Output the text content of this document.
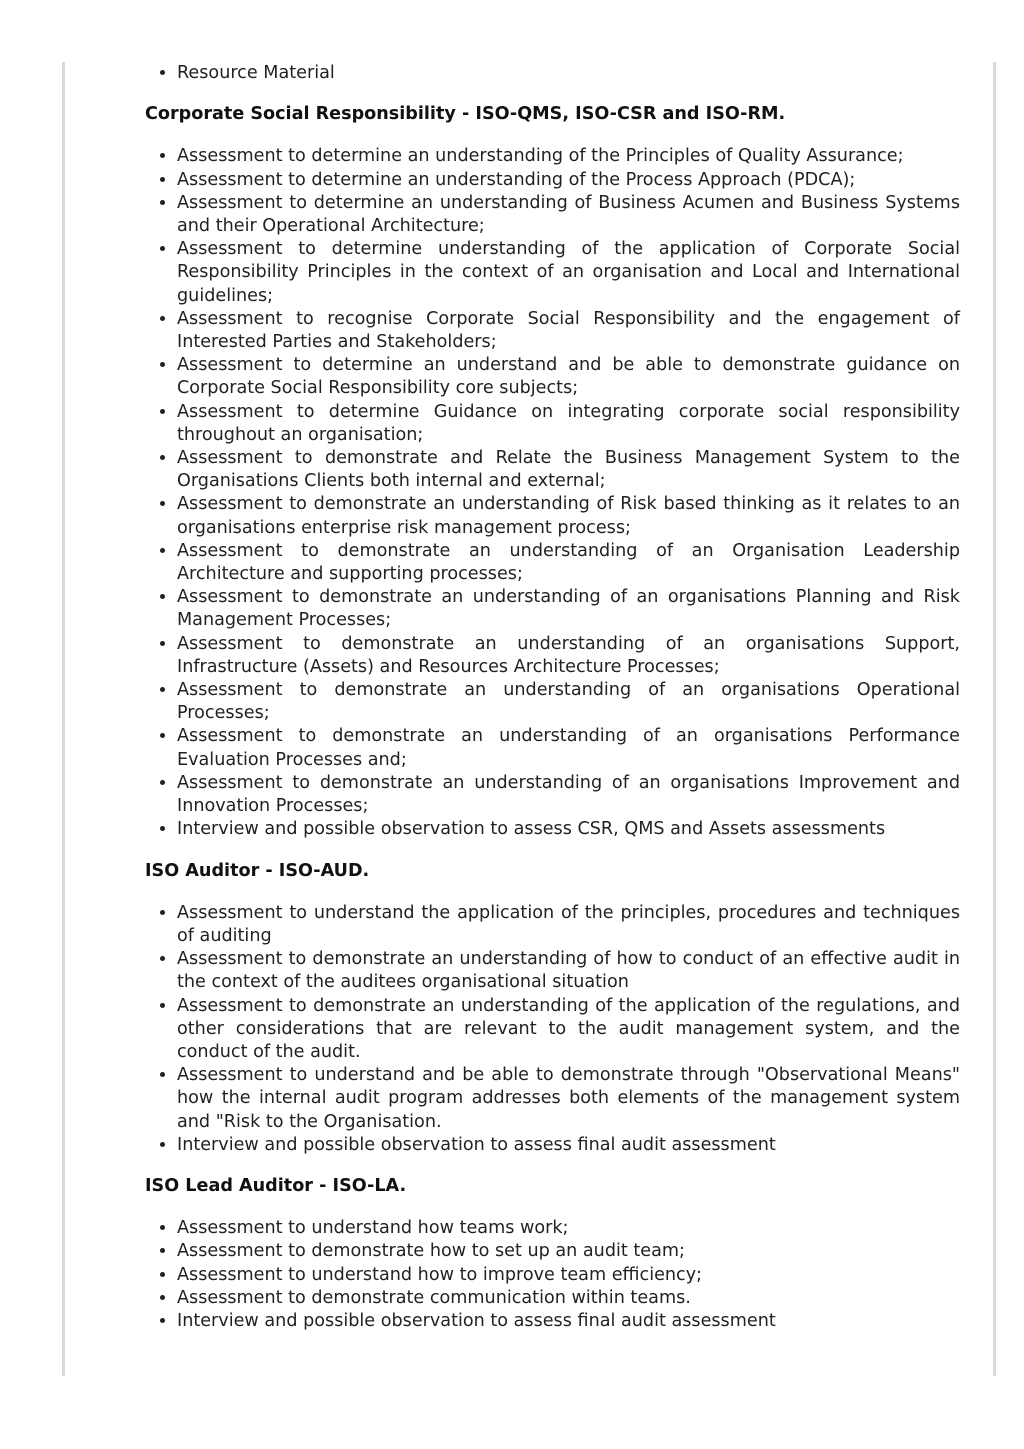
• Resource Material
Corporate Social Responsibility - ISO-QMS, ISO-CSR and ISO-RM.
• Assessment to determine an understanding of the Principles of Quality Assurance;
• Assessment to determine an understanding of the Process Approach (PDCA);
• Assessment to determine an understanding of Business Acumen and Business Systems and their Operational Architecture;
• Assessment to determine understanding of the application of Corporate Social Responsibility Principles in the context of an organisation and Local and International guidelines;
• Assessment to recognise Corporate Social Responsibility and the engagement of Interested Parties and Stakeholders;
• Assessment to determine an understand and be able to demonstrate guidance on Corporate Social Responsibility core subjects;
• Assessment to determine Guidance on integrating corporate social responsibility throughout an organisation;
• Assessment to demonstrate and Relate the Business Management System to the Organisations Clients both internal and external;
• Assessment to demonstrate an understanding of Risk based thinking as it relates to an organisations enterprise risk management process;
• Assessment to demonstrate an understanding of an Organisation Leadership Architecture and supporting processes;
• Assessment to demonstrate an understanding of an organisations Planning and Risk Management Processes;
• Assessment to demonstrate an understanding of an organisations Support, Infrastructure (Assets) and Resources Architecture Processes;
• Assessment to demonstrate an understanding of an organisations Operational Processes;
• Assessment to demonstrate an understanding of an organisations Performance Evaluation Processes and;
• Assessment to demonstrate an understanding of an organisations Improvement and Innovation Processes;
• Interview and possible observation to assess CSR, QMS and Assets assessments
ISO Auditor - ISO-AUD.
• Assessment to understand the application of the principles, procedures and techniques of auditing
• Assessment to demonstrate an understanding of how to conduct of an effective audit in the context of the auditees organisational situation
• Assessment to demonstrate an understanding of the application of the regulations, and other considerations that are relevant to the audit management system, and the conduct of the audit.
• Assessment to understand and be able to demonstrate through "Observational Means" how the internal audit program addresses both elements of the management system and "Risk to the Organisation.
• Interview and possible observation to assess final audit assessment
ISO Lead Auditor - ISO-LA.
• Assessment to understand how teams work;
• Assessment to demonstrate how to set up an audit team;
• Assessment to understand how to improve team efficiency;
• Assessment to demonstrate communication within teams.
• Interview and possible observation to assess final audit assessment
